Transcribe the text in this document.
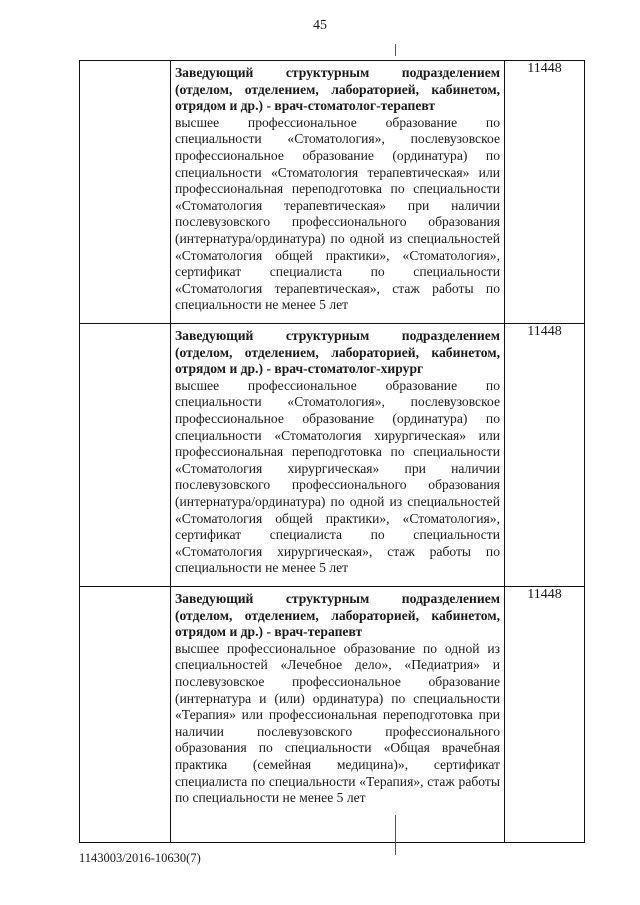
45

	Заведующий структурным подразделением (отделом, отделением, лабораторией, кабинетом, отрядом и др.) - врач-стоматолог-терапевт
высшее профессиональное образование по специальности «Стоматология», послевузовское профессиональное образование (ординатура) по специальности «Стоматология терапевтическая» или профессиональная переподготовка по специальности «Стоматология терапевтическая» при наличии послевузовского профессионального образования (интернатура/ординатура) по одной из специальностей «Стоматология общей практики», «Стоматология», сертификат специалиста по специальности «Стоматология терапевтическая», стаж работы по специальности не менее 5 лет	11448

	Заведующий структурным подразделением (отделом, отделением, лабораторией, кабинетом, отрядом и др.) - врач-стоматолог-хирург
высшее профессиональное образование по специальности «Стоматология», послевузовское профессиональное образование (ординатура) по специальности «Стоматология хирургическая» или профессиональная переподготовка по специальности «Стоматология хирургическая» при наличии послевузовского профессионального образования (интернатура/ординатура) по одной из специальностей «Стоматология общей практики», «Стоматология», сертификат специалиста по специальности «Стоматология хирургическая», стаж работы по специальности не менее 5 лет	11448

	Заведующий структурным подразделением (отделом, отделением, лабораторией, кабинетом, отрядом и др.) - врач-терапевт
высшее профессиональное образование по одной из специальностей «Лечебное дело», «Педиатрия» и послевузовское профессиональное образование (интернатура и (или) ординатура) по специальности «Терапия» или профессиональная переподготовка при наличии послевузовского профессионального образования по специальности «Общая врачебная практика (семейная медицина)», сертификат специалиста по специальности «Терапия», стаж работы по специальности не менее 5 лет	11448
1143003/2016-10630(7)
